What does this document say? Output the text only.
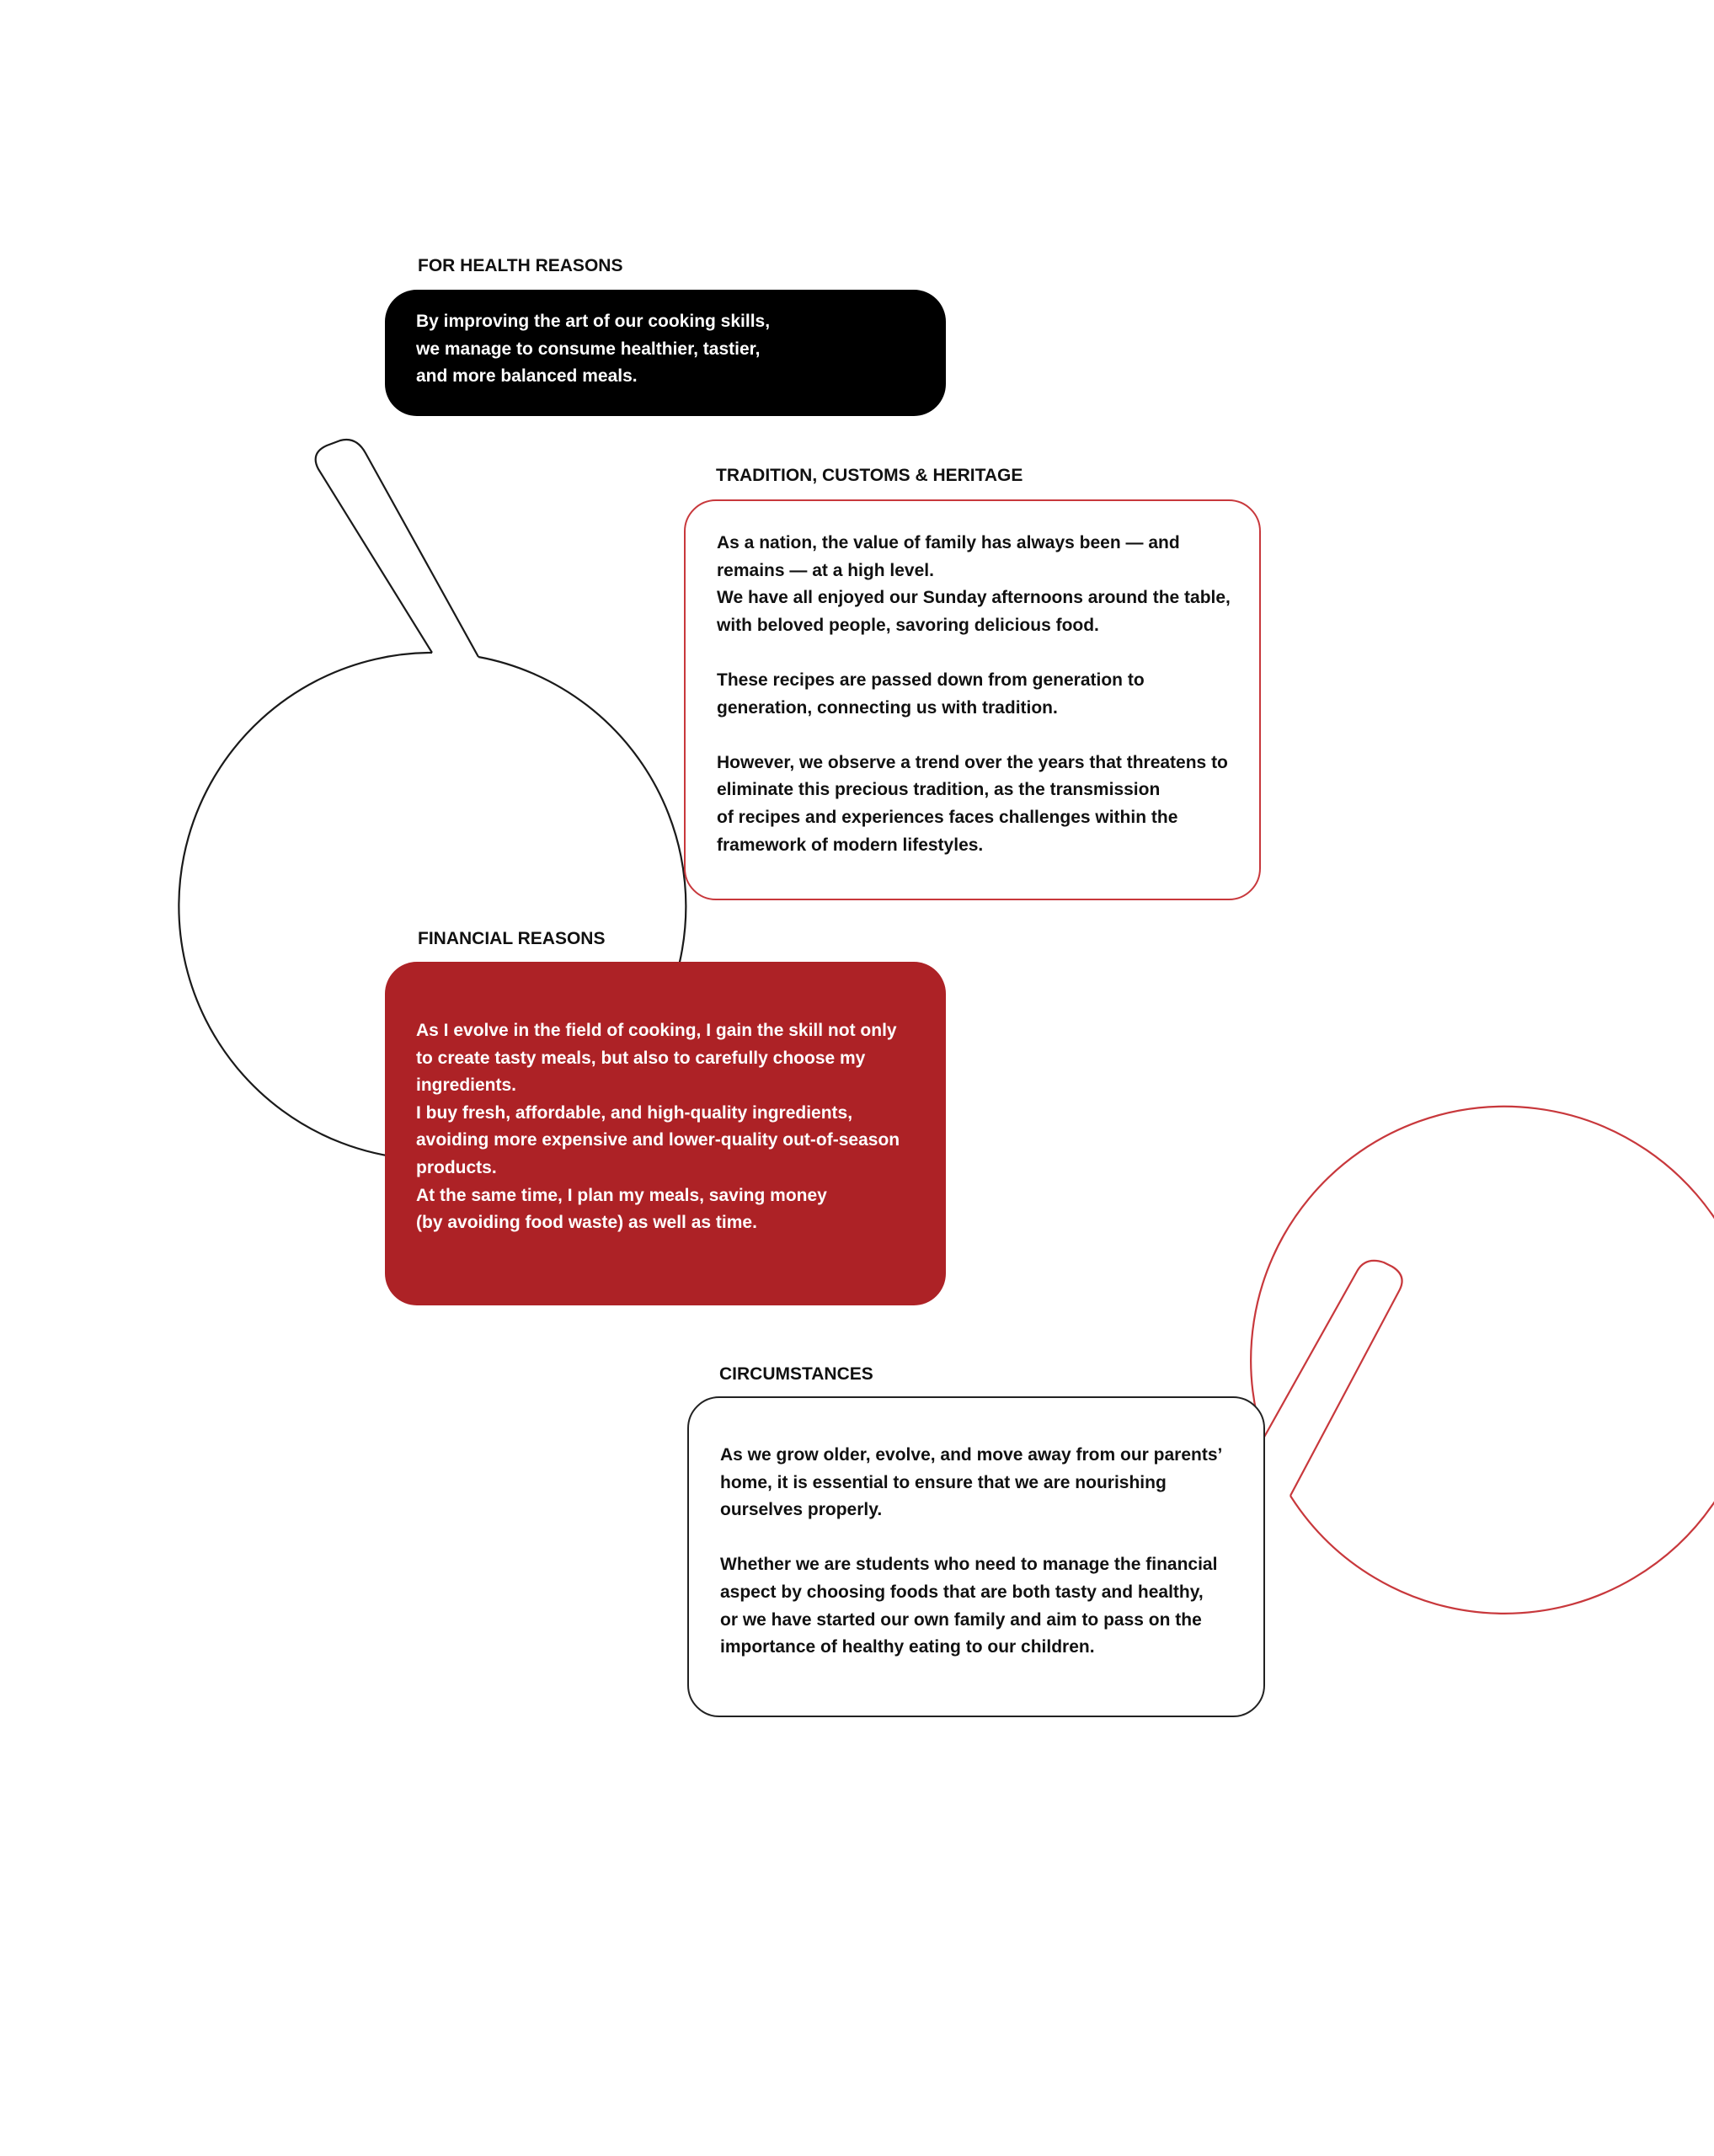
FOR HEALTH REASONS

By improving the art of our cooking skills,

we manage to consume healthier, tastier,

and more balanced meals.

TRADITION, CUSTOMS & HERITAGE

As a nation, the value of family has always been — and

remains — at a high level.

We have all enjoyed our Sunday afternoons around the table,

with beloved people, savoring delicious food.

These recipes are passed down from generation to

generation, connecting us with tradition.

However, we observe a trend over the years that threatens to

eliminate this precious tradition, as the transmission

of recipes and experiences faces challenges within the

framework of modern lifestyles.

FINANCIAL REASONS

As I evolve in the field of cooking, I gain the skill not only

to create tasty meals, but also to carefully choose my

ingredients.

I buy fresh, affordable, and high-quality ingredients,

avoiding more expensive and lower-quality out-of-season

products.

At the same time, I plan my meals, saving money

(by avoiding food waste) as well as time.

CIRCUMSTANCES

As we grow older, evolve, and move away from our parents’

home, it is essential to ensure that we are nourishing

ourselves properly.

Whether we are students who need to manage the financial

aspect by choosing foods that are both tasty and healthy,

or we have started our own family and aim to pass on the

importance of healthy eating to our children.
